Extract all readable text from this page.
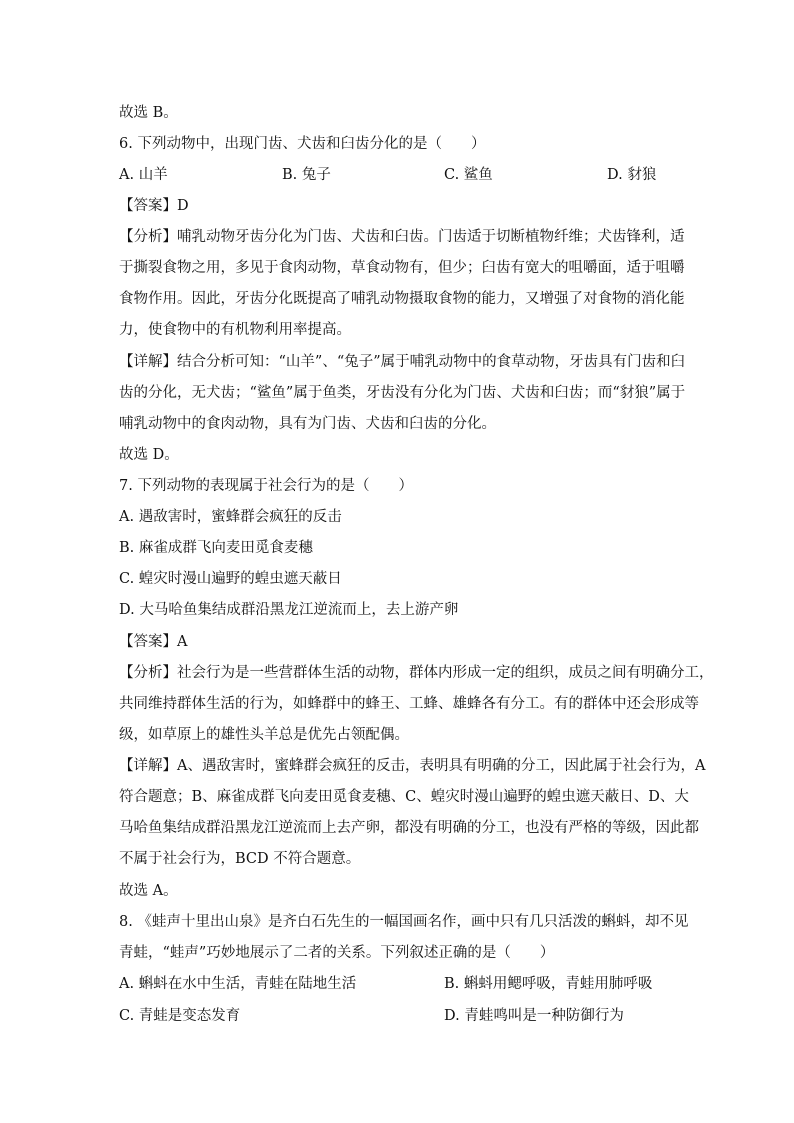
故选 B。
6. 下列动物中，出现门齿、犬齿和臼齿分化的是（　　）
A. 山羊	B. 兔子	C. 鲨鱼	D. 豺狼
【答案】D
【分析】哺乳动物牙齿分化为门齿、犬齿和臼齿。门齿适于切断植物纤维；犬齿锋利，适
于撕裂食物之用，多见于食肉动物，草食动物有，但少；臼齿有宽大的咀嚼面，适于咀嚼
食物作用。因此，牙齿分化既提高了哺乳动物摄取食物的能力，又增强了对食物的消化能
力，使食物中的有机物利用率提高。
【详解】结合分析可知：“山羊”、“兔子”属于哺乳动物中的食草动物，牙齿具有门齿和臼
齿的分化，无犬齿；“鲨鱼”属于鱼类，牙齿没有分化为门齿、犬齿和臼齿；而“豺狼”属于
哺乳动物中的食肉动物，具有为门齿、犬齿和臼齿的分化。
故选 D。
7. 下列动物的表现属于社会行为的是（　　）
A. 遇敌害时，蜜蜂群会疯狂的反击
B. 麻雀成群飞向麦田觅食麦穗
C. 蝗灾时漫山遍野的蝗虫遮天蔽日
D. 大马哈鱼集结成群沿黑龙江逆流而上，去上游产卵
【答案】A
【分析】社会行为是一些营群体生活的动物，群体内形成一定的组织，成员之间有明确分工，
共同维持群体生活的行为，如蜂群中的蜂王、工蜂、雄蜂各有分工。有的群体中还会形成等
级，如草原上的雄性头羊总是优先占领配偶。
【详解】A、遇敌害时，蜜蜂群会疯狂的反击，表明具有明确的分工，因此属于社会行为，A
符合题意；B、麻雀成群飞向麦田觅食麦穗、C、蝗灾时漫山遍野的蝗虫遮天蔽日、D、大
马哈鱼集结成群沿黑龙江逆流而上去产卵，都没有明确的分工，也没有严格的等级，因此都
不属于社会行为，BCD 不符合题意。
故选 A。
8. 《蛙声十里出山泉》是齐白石先生的一幅国画名作，画中只有几只活泼的蝌蚪，却不见
青蛙，“蛙声”巧妙地展示了二者的关系。下列叙述正确的是（　　）
A. 蝌蚪在水中生活，青蛙在陆地生活	B. 蝌蚪用鳃呼吸，青蛙用肺呼吸
C. 青蛙是变态发育	D. 青蛙鸣叫是一种防御行为
